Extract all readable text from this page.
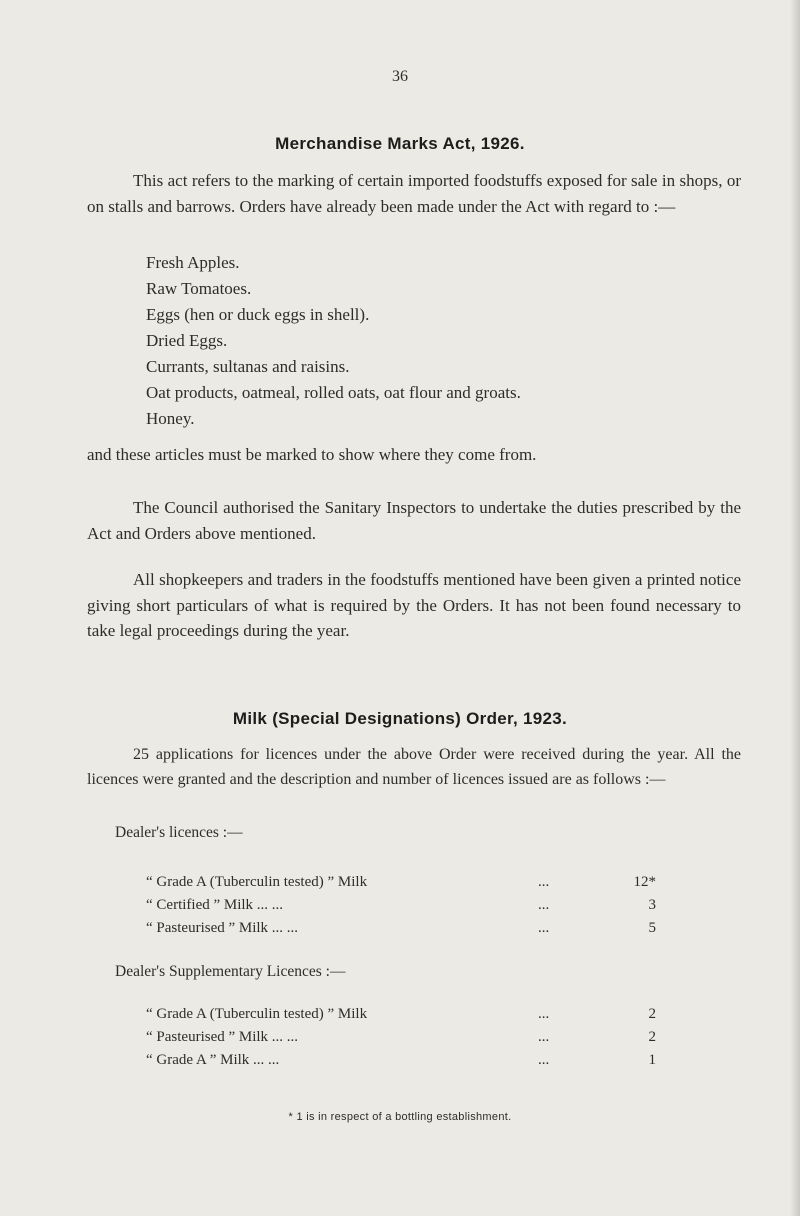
36
Merchandise Marks Act, 1926.
This act refers to the marking of certain imported foodstuffs exposed for sale in shops, or on stalls and barrows. Orders have already been made under the Act with regard to :—
Fresh Apples.
Raw Tomatoes.
Eggs (hen or duck eggs in shell).
Dried Eggs.
Currants, sultanas and raisins.
Oat products, oatmeal, rolled oats, oat flour and groats.
Honey.
and these articles must be marked to show where they come from.
The Council authorised the Sanitary Inspectors to undertake the duties prescribed by the Act and Orders above mentioned.
All shopkeepers and traders in the foodstuffs mentioned have been given a printed notice giving short particulars of what is required by the Orders. It has not been found necessary to take legal proceedings during the year.
Milk (Special Designations) Order, 1923.
25 applications for licences under the above Order were received during the year. All the licences were granted and the description and number of licences issued are as follows :—
Dealer's licences :—
“ Grade A (Tuberculin tested) ” Milk	...	12*
“ Certified ” Milk ... ...	...	3
“ Pasteurised ” Milk ... ...	...	5
Dealer's Supplementary Licences :—
“ Grade A (Tuberculin tested) ” Milk	...	2
“ Pasteurised ” Milk ... ...	...	2
“ Grade A ” Milk ... ...	...	1
* 1 is in respect of a bottling establishment.
